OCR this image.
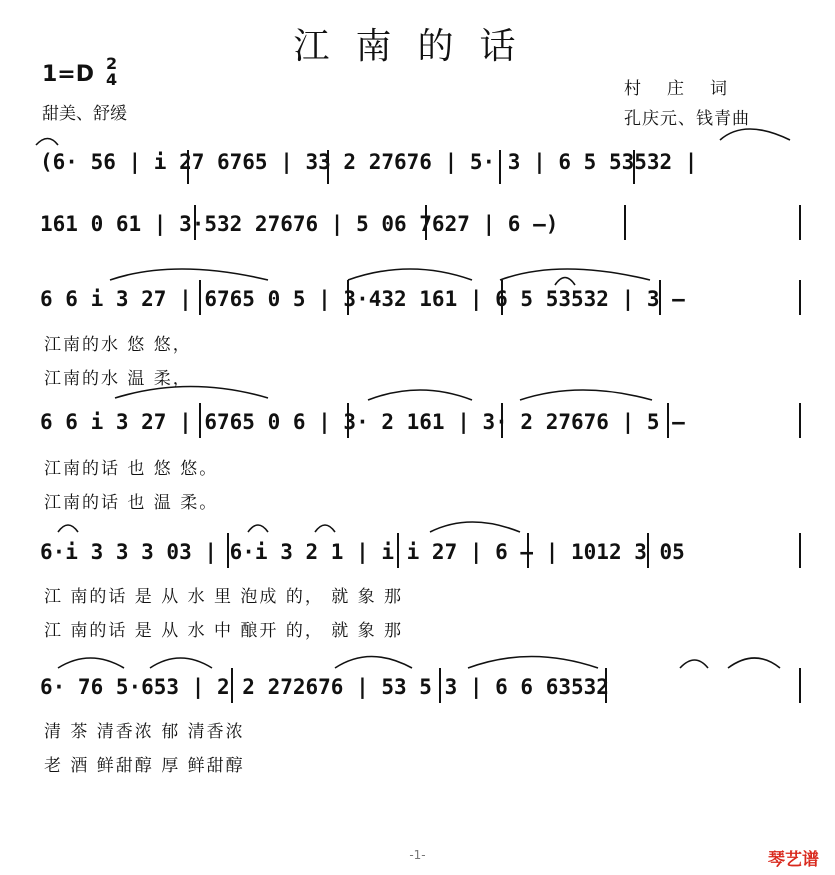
江南的话
1=D 2
4
甜美、舒缓
村庄词
孔庆元、钱青曲
(6· 56 | i 27 6765 | 33 2 27676 | 5· 3 | 6 5 53532 |
161 0 61 | 3·532 27676 | 5 06 7627 | 6 –)
6 6 i 3 27 | 6765 0 5 | 3·432 161 | 6 5 53532 | 3 –
江南的水 悠 悠，
江南的水 温 柔，
6 6 i 3 27 | 6765 0 6 | 3· 2 161 | 3· 2 27676 | 5 –
江南的话 也 悠 悠。
江南的话 也 温 柔。
6·i 3 3 3 03 | 6·i 3 2 1 | i i 27 | 6 – | 1012 3 05
江 南的话 是 从 水 里 泡成 的， 就 象 那
江 南的话 是 从 水 中 酿开 的， 就 象 那
6· 76 5·653 | 2 2 272676 | 53 5 3 | 6 6 63532
清 茶 清香浓 郁 清香浓
老 酒 鲜甜醇 厚 鲜甜醇
-1-	琴艺谱
